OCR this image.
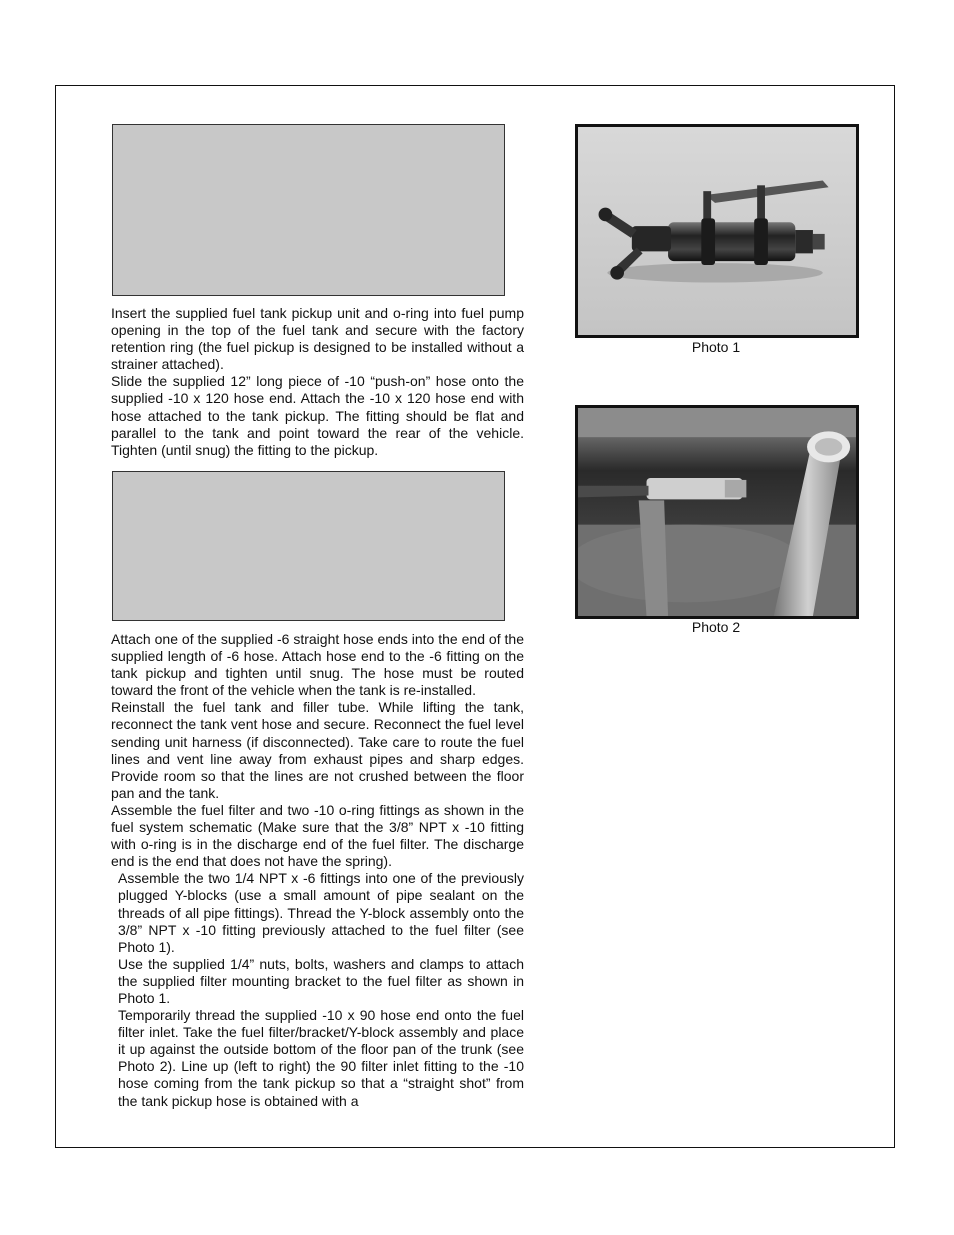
Insert the supplied fuel tank pickup unit and o-ring into fuel pump opening in the top of the fuel tank and secure with the factory retention ring (the fuel pickup is designed to be installed without a strainer attached).

Slide the supplied 12” long piece of -10 “push-on” hose onto the supplied -10 x 120 hose end. Attach the -10 x 120 hose end with hose attached to the tank pickup. The fitting should be flat and parallel to the tank and point toward the rear of the vehicle. Tighten (until snug) the fitting to the pickup.

Attach one of the supplied -6 straight hose ends into the end of the supplied length of -6 hose. Attach hose end to the -6 fitting on the tank pickup and tighten until snug. The hose must be routed toward the front of the vehicle when the tank is re-installed.

Reinstall the fuel tank and filler tube. While lifting the tank, reconnect the tank vent hose and secure. Reconnect the fuel level sending unit harness (if disconnected). Take care to route the fuel lines and vent line away from exhaust pipes and sharp edges. Provide room so that the lines are not crushed between the floor pan and the tank.

Assemble the fuel filter and two -10 o-ring fittings as shown in the fuel system schematic (Make sure that the 3/8” NPT x -10 fitting with o-ring is in the discharge end of the fuel filter. The discharge end is the end that does not have the spring).

Assemble the two 1/4 NPT x -6 fittings into one of the previously plugged Y-blocks (use a small amount of pipe sealant on the threads of all pipe fittings). Thread the Y-block assembly onto the 3/8” NPT x -10 fitting previously attached to the fuel filter (see Photo 1).

Use the supplied 1/4” nuts, bolts, washers and clamps to attach the supplied filter mounting bracket to the fuel filter as shown in Photo 1.

Temporarily thread the supplied -10 x 90 hose end onto the fuel filter inlet. Take the fuel filter/bracket/Y-block assembly and place it up against the outside bottom of the floor pan of the trunk (see Photo 2). Line up (left to right) the 90 filter inlet fitting to the -10 hose coming from the tank pickup so that a “straight shot” from the tank pickup hose is obtained with a

Photo 1
Photo 2
